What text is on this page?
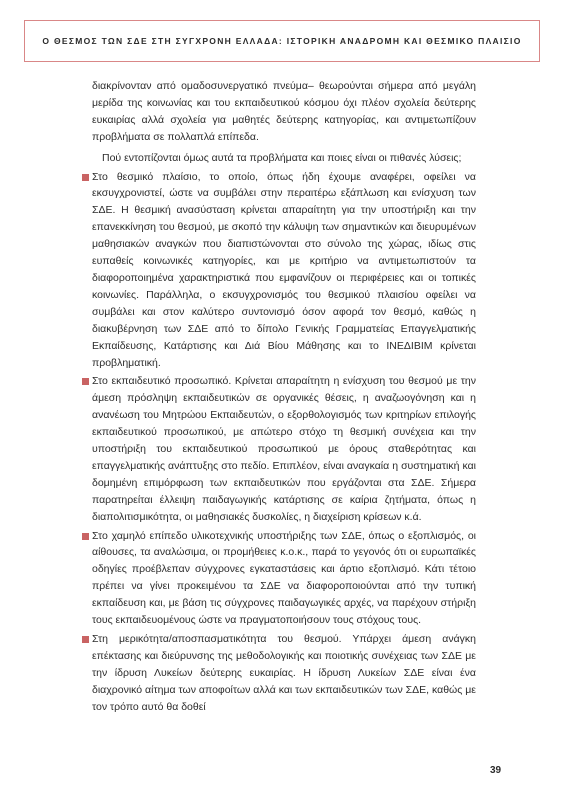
Ο ΘΕΣΜΟΣ ΤΩΝ ΣΔΕ ΣΤΗ ΣΥΓΧΡΟΝΗ ΕΛΛΑΔΑ: ΙΣΤΟΡΙΚΗ ΑΝΑΔΡΟΜΗ ΚΑΙ ΘΕΣΜΙΚΟ ΠΛΑΙΣΙΟ

διακρίνονταν από ομαδοσυνεργατικό πνεύμα– θεωρούνται σήμερα από μεγάλη μερίδα της κοινωνίας και του εκπαιδευτικού κόσμου όχι πλέον σχολεία δεύτερης ευκαιρίας αλλά σχολεία για μαθητές δεύτερης κατηγορίας, και αντιμετωπίζουν προβλήματα σε πολλαπλά επίπεδα.

Πού εντοπίζονται όμως αυτά τα προβλήματα και ποιες είναι οι πιθανές λύσεις;

Στο θεσμικό πλαίσιο, το οποίο, όπως ήδη έχουμε αναφέρει, οφείλει να εκσυγχρονιστεί, ώστε να συμβάλει στην περαιτέρω εξάπλωση και ενίσχυση των ΣΔΕ. Η θεσμική ανασύσταση κρίνεται απαραίτητη για την υποστήριξη και την επανεκκίνηση του θεσμού, με σκοπό την κάλυψη των σημαντικών και διευρυμένων μαθησιακών αναγκών που διαπιστώνονται στο σύνολο της χώρας, ιδίως στις ευπαθείς κοινωνικές κατηγορίες, και με κριτήριο να αντιμετωπιστούν τα διαφοροποιημένα χαρακτηριστικά που εμφανίζουν οι περιφέρειες και οι τοπικές κοινωνίες. Παράλληλα, ο εκσυγχρονισμός του θεσμικού πλαισίου οφείλει να συμβάλει και στον καλύτερο συντονισμό όσον αφορά τον θεσμό, καθώς η διακυβέρνηση των ΣΔΕ από το δίπολο Γενικής Γραμματείας Επαγγελματικής Εκπαίδευσης, Κατάρτισης και Διά Βίου Μάθησης και το ΙΝΕΔΙΒΙΜ κρίνεται προβληματική.

Στο εκπαιδευτικό προσωπικό. Κρίνεται απαραίτητη η ενίσχυση του θεσμού με την άμεση πρόσληψη εκπαιδευτικών σε οργανικές θέσεις, η αναζωογόνηση και η ανανέωση του Μητρώου Εκπαιδευτών, ο εξορθολογισμός των κριτηρίων επιλογής εκπαιδευτικού προσωπικού, με απώτερο στόχο τη θεσμική συνέχεια και την υποστήριξη του εκπαιδευτικού προσωπικού με όρους σταθερότητας και επαγγελματικής ανάπτυξης στο πεδίο. Επιπλέον, είναι αναγκαία η συστηματική και δομημένη επιμόρφωση των εκπαιδευτικών που εργάζονται στα ΣΔΕ. Σήμερα παρατηρείται έλλειψη παιδαγωγικής κατάρτισης σε καίρια ζητήματα, όπως η διαπολιτισμικότητα, οι μαθησιακές δυσκολίες, η διαχείριση κρίσεων κ.ά.

Στο χαμηλό επίπεδο υλικοτεχνικής υποστήριξης των ΣΔΕ, όπως ο εξοπλισμός, οι αίθουσες, τα αναλώσιμα, οι προμήθειες κ.ο.κ., παρά το γεγονός ότι οι ευρωπαϊκές οδηγίες προέβλεπαν σύγχρονες εγκαταστάσεις και άρτιο εξοπλισμό. Κάτι τέτοιο πρέπει να γίνει προκειμένου τα ΣΔΕ να διαφοροποιούνται από την τυπική εκπαίδευση και, με βάση τις σύγχρονες παιδαγωγικές αρχές, να παρέχουν στήριξη τους εκπαιδευομένους ώστε να πραγματοποιήσουν τους στόχους τους.

Στη μερικότητα/αποσπασματικότητα του θεσμού. Υπάρχει άμεση ανάγκη επέκτασης και διεύρυνσης της μεθοδολογικής και ποιοτικής συνέχειας των ΣΔΕ με την ίδρυση Λυκείων δεύτερης ευκαιρίας. Η ίδρυση Λυκείων ΣΔΕ είναι ένα διαχρονικό αίτημα των αποφοίτων αλλά και των εκπαιδευτικών των ΣΔΕ, καθώς με τον τρόπο αυτό θα δοθεί

39
